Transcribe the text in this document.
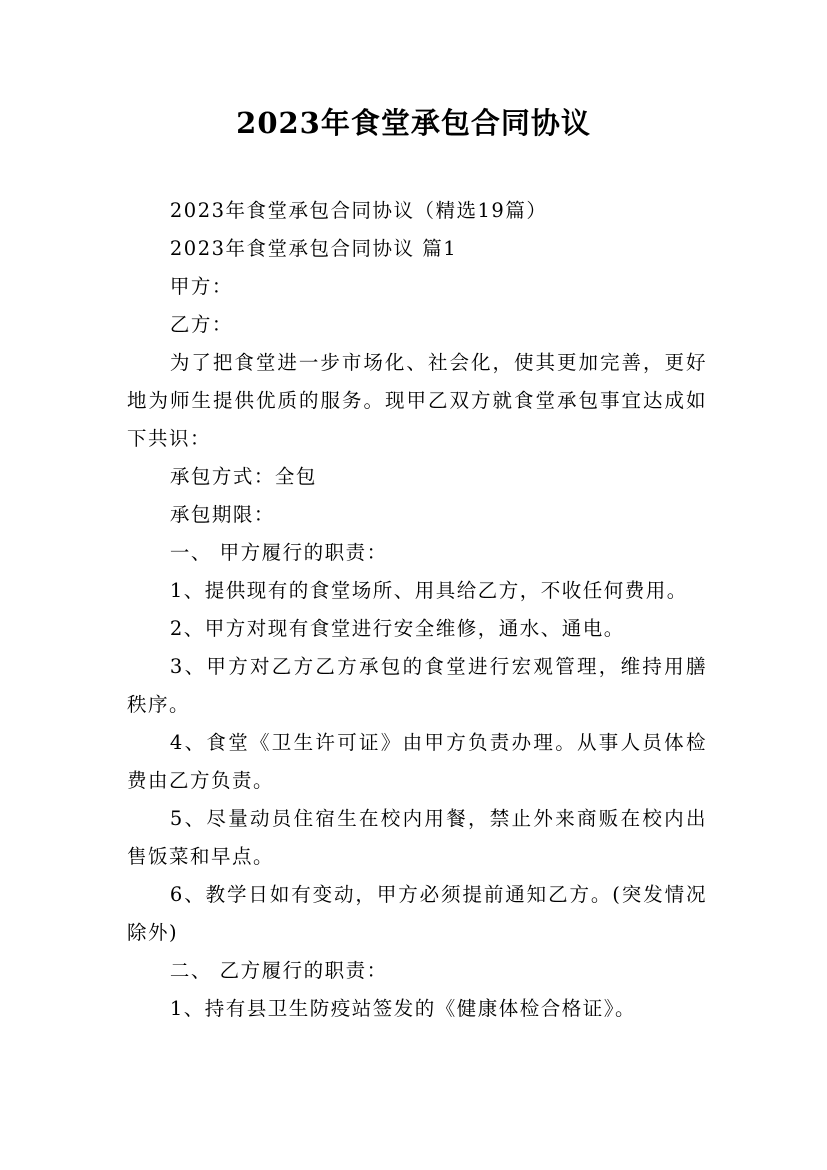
2023年食堂承包合同协议

2023年食堂承包合同协议（精选19篇）

2023年食堂承包合同协议 篇1

甲方：

乙方：

为了把食堂进一步市场化、社会化，使其更加完善，更好地为师生提供优质的服务。现甲乙双方就食堂承包事宜达成如下共识：

承包方式：全包

承包期限：

一、 甲方履行的职责：

1、提供现有的食堂场所、用具给乙方，不收任何费用。

2、甲方对现有食堂进行安全维修，通水、通电。

3、甲方对乙方乙方承包的食堂进行宏观管理，维持用膳秩序。

4、食堂《卫生许可证》由甲方负责办理。从事人员体检费由乙方负责。

5、尽量动员住宿生在校内用餐，禁止外来商贩在校内出售饭菜和早点。

6、教学日如有变动，甲方必须提前通知乙方。(突发情况除外)

二、 乙方履行的职责：

1、持有县卫生防疫站签发的《健康体检合格证》。
